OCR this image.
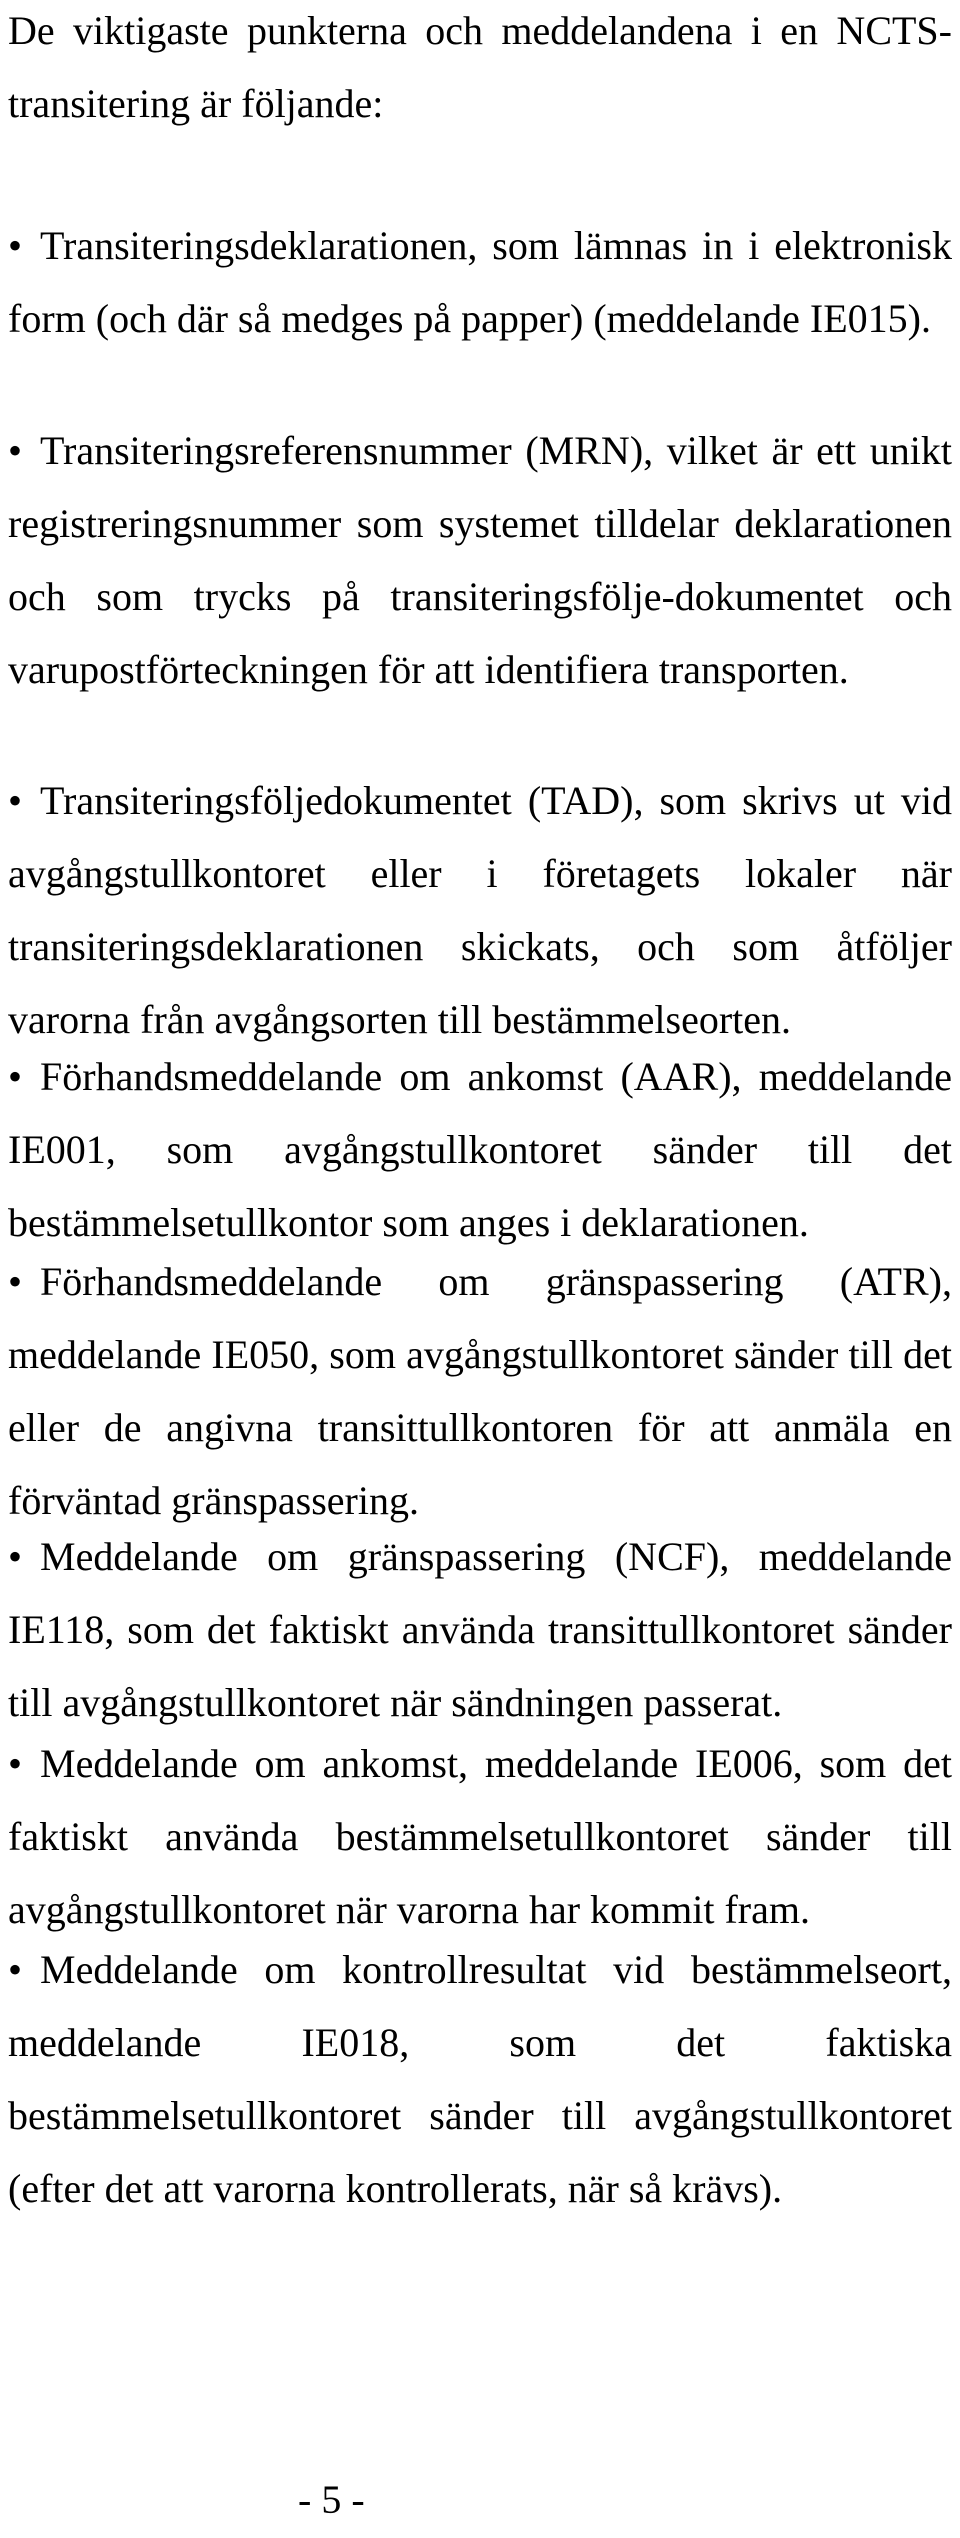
De viktigaste punkterna och meddelandena i en NCTS-transitering är följande:

• Transiteringsdeklarationen, som lämnas in i elektronisk form (och där så medges på papper) (meddelande IE015).

• Transiteringsreferensnummer (MRN), vilket är ett unikt registreringsnummer som systemet tilldelar deklarationen och som trycks på transiteringsfölje-dokumentet och varupostförteckningen för att identifiera transporten.

• Transiteringsföljedokumentet (TAD), som skrivs ut vid avgångstullkontoret eller i företagets lokaler när transiteringsdeklarationen skickats, och som åtföljer varorna från avgångsorten till bestämmelseorten.

• Förhandsmeddelande om ankomst (AAR), meddelande IE001, som avgångstullkontoret sänder till det bestämmelsetullkontor som anges i deklarationen.

• Förhandsmeddelande om gränspassering (ATR), meddelande IE050, som avgångstullkontoret sänder till det eller de angivna transittullkontoren för att anmäla en förväntad gränspassering.

• Meddelande om gränspassering (NCF), meddelande IE118, som det faktiskt använda transittullkontoret sänder till avgångstullkontoret när sändningen passerat.

• Meddelande om ankomst, meddelande IE006, som det faktiskt använda bestämmelsetullkontoret sänder till avgångstullkontoret när varorna har kommit fram.

• Meddelande om kontrollresultat vid bestämmelseort, meddelande IE018, som det faktiska bestämmelsetullkontoret sänder till avgångstullkontoret (efter det att varorna kontrollerats, när så krävs).

- 5 -
